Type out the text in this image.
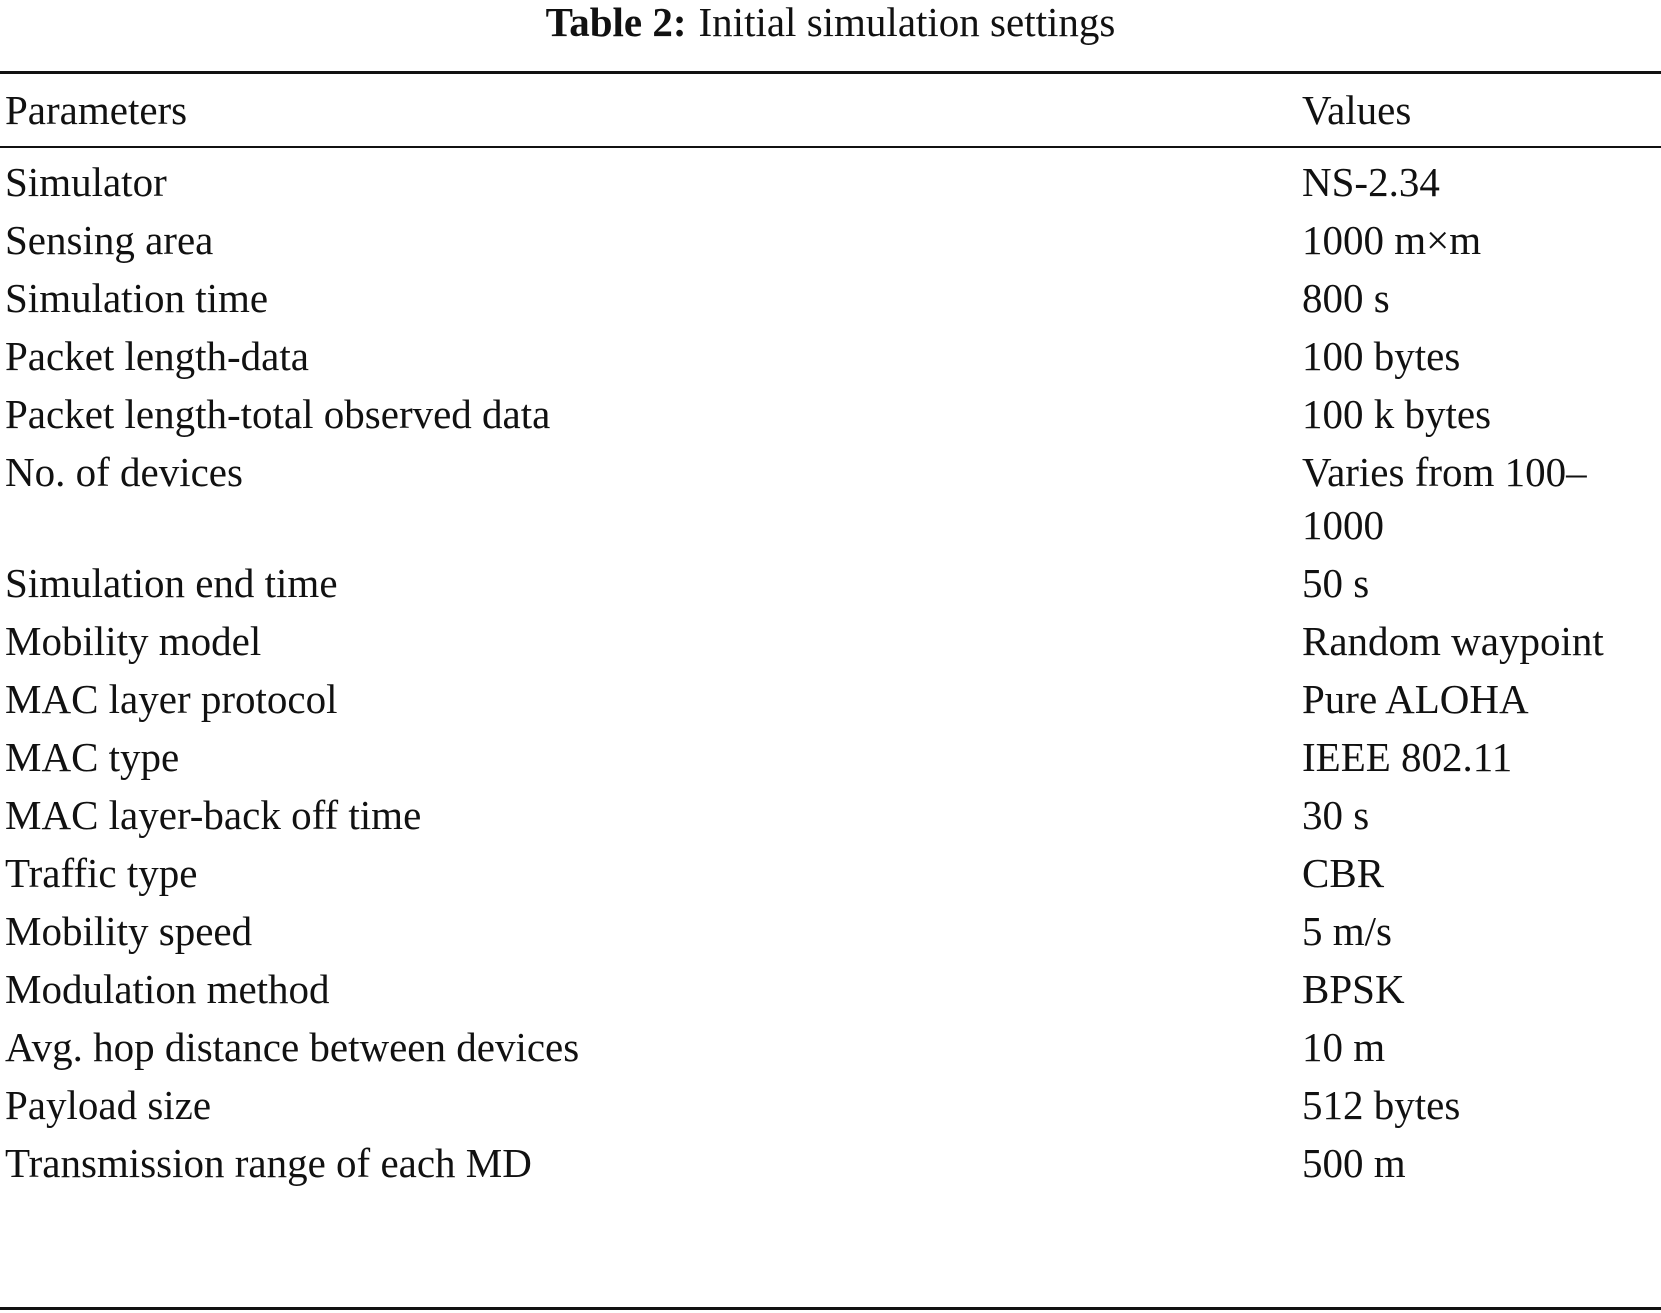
Table 2: Initial simulation settings
Parameters	Values
Simulator	NS-2.34
Sensing area	1000 m×m
Simulation time	800 s
Packet length-data	100 bytes
Packet length-total observed data	100 k bytes
No. of devices	Varies from 100–1000
Simulation end time	50 s
Mobility model	Random waypoint
MAC layer protocol	Pure ALOHA
MAC type	IEEE 802.11
MAC layer-back off time	30 s
Traffic type	CBR
Mobility speed	5 m/s
Modulation method	BPSK
Avg. hop distance between devices	10 m
Payload size	512 bytes
Transmission range of each MD	500 m
